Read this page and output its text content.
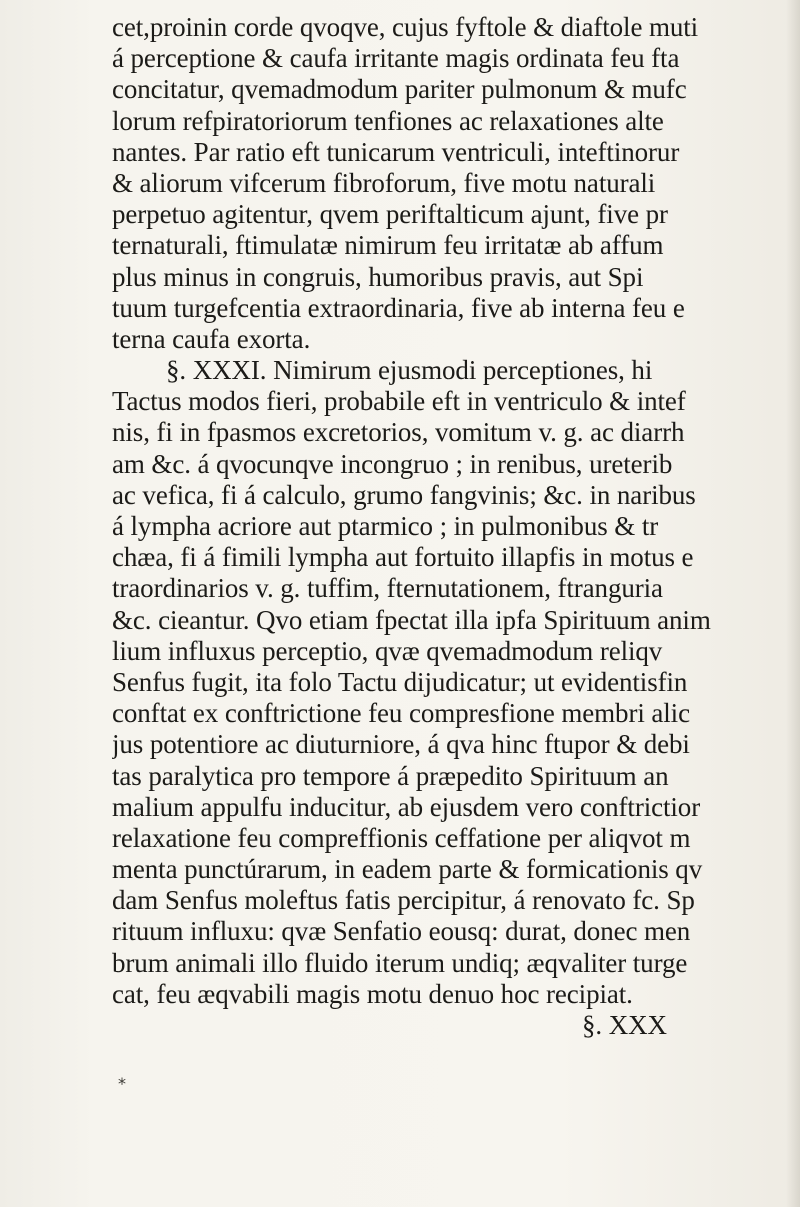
cet,proinin corde qvoqve, cujus fyftole & diaftole muti
á perceptione & caufa irritante magis ordinata feu fta
concitatur, qvemadmodum pariter pulmonum & mufc
lorum refpiratoriorum tenfiones ac relaxationes alte
nantes. Par ratio eft tunicarum ventriculi, inteftinorur
& aliorum vifcerum fibroforum, five motu naturali
perpetuo agitentur, qvem periftalticum ajunt, five pr
ternaturali, ftimulatæ nimirum feu irritatæ ab affum
plus minus in congruis, humoribus pravis, aut Spi
tuum turgefcentia extraordinaria, five ab interna feu e
terna caufa exorta.
§. XXXI. Nimirum ejusmodi perceptiones, hi
Tactus modos fieri, probabile eft in ventriculo & intef
nis, fi in fpasmos excretorios, vomitum v. g. ac diarrh
am &c. á qvocunqve incongruo ; in renibus, ureterib
ac vefica, fi á calculo, grumo fangvinis; &c. in naribus
á lympha acriore aut ptarmico ; in pulmonibus & tr
chæa, fi á fimili lympha aut fortuito illapfis in motus e
traordinarios v. g. tuffim, fternutationem, ftranguria
&c. cieantur. Qvo etiam fpectat illa ipfa Spirituum anim
lium influxus perceptio, qvæ qvemadmodum reliqv
Senfus fugit, ita folo Tactu dijudicatur; ut evidentisfin
conftat ex conftrictione feu compresfione membri alic
jus potentiore ac diuturniore, á qva hinc ftupor & debi
tas paralytica pro tempore á præpedito Spirituum an
malium appulfu inducitur, ab ejusdem vero conftrictior
relaxatione feu compreffionis ceffatione per aliqvot m
menta punctúrarum, in eadem parte & formicationis qv
dam Senfus moleftus fatis percipitur, á renovato fc. Sp
rituum influxu: qvæ Senfatio eousq: durat, donec men
brum animali illo fluido iterum undiq; æqvaliter turge
cat, feu æqvabili magis motu denuo hoc recipiat.
§. XXX
*
